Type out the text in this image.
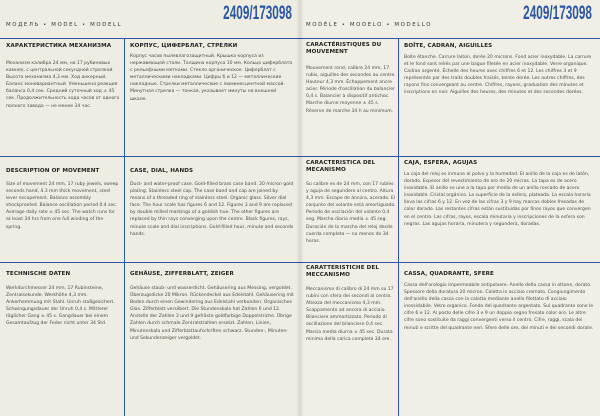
МОДЕЛЬ • MODEL • MODELL
2409/173098
ХАРАКТЕРИСТИКА МЕХАНИЗМА
Механизм калибра 24 мм, на 17 рубиновых камнях, с центральной секундной стрелкой. Высота механизма 4,3 мм. Ход анкерный. Баланс моновариантный. Уменьшена реакция баланса 0,4 сек. Средний суточный ход ± 45 сек. Продолжительность хода часов от одного полного завода — не менее 34 час.
КОРПУС, ЦИФЕРБЛАТ, СТРЕЛКИ
Корпус часов пылевлагозащитный. Крышка корпуса из нержавеющей стали. Толщина корпуса 10 мм. Кольцо циферблата с рельефными метками. Стекло органическое. Циферблат с металлическими накладками. Цифры 6 и 12 — металлические накладные. Стрелки металлические с люминесцентной массой. Минутная стрелка — тонкая, указывает минуты на внешней шкале.
DESCRIPTION OF MOVEMENT
Size of movement 24 mm, 17 ruby jewels, sweep seconds hand, 4.3 mm thick movement, steel lever escapement. Balance assembly shockproofed. Balance oscillation period 0.4 sec. Average daily rate ± 45 sec. The watch runs for at least 34 hrs from one full winding of the spring.
CASE, DIAL, HANDS
Dust- and water-proof case. Gold-filled brass case band. 20 micron gold plating. Stainless steel cap. The case band and cap are joined by means of a threaded ring of stainless steel. Organic glass. Silver dial face. The hour scale has figures 6 and 12. Figures 3 and 9 are replaced by double milled markings of a goldish hue. The other figures are replaced by thin rays converging upon the centre. Black figures, rays, minute scale and dial inscriptions. Gold-filled hour, minute and seconds hands.
TECHNISCHE DATEN
Werkdurchmesser 24 mm, 17 Rubinsteine, Zentralsekunde. Werkhöhe 4,3 mm. Ankerhemmung mit Stahl. Unruh stoßgesichert. Schwingungsdauer der Unruh 0,4 s. Mittlerer täglicher Gang ± 45 s. Gangdauer bei einem Gesamtaufzug der Feder nicht unter 34 Std.
GEHÄUSE, ZIFFERBLATT, ZEIGER
Gehäuse staub- und wasserdicht. Gehäusering aus Messing, vergoldet. Überzugsdicke 20 Mikron. Rückendeckel aus Edelstahl. Gehäusering mit Boden durch einen Gewindering aus Edelstahl verbunden. Organisches Glas. Zifferblatt versilbert. Die Stundenskala hat Zahlen 6 und 12. Anstelle der Zahlen 3 und 9 gefräste goldfarbige Doppelstriche. Übrige Zahlen durch schmale Zentralstrahlen ersetzt. Zahlen, Linien, Minutenskala und Zifferblattaufschriften schwarz. Stunden-, Minuten- und Sekundenzeiger vergoldet.
MODÈLE • MODELO • MODELLO
2409/173098
CARACTÉRISTIQUES DU MOUVEMENT
Mouvement rond, calibre 24 mm, 17 rubis, aiguilles des secondes au centre. Hauteur 4,3 mm. Échappement ancre acier. Période d'oscillation du balancier 0,4 s. Balancier à dispositif antichoc. Marche diurne moyenne ± 45 s. Réserve de marche 34 h au minimum.
BOÎTE, CADRAN, AIGUILLES
Boîte étanche. Carrure laiton, dorée 20 microns. Fond acier inoxydable. La carrure et le fond sont reliés par une bague filetée en acier inoxydable. Verre organique. Cadran argenté. Échelle des heures avec chiffres 6 et 12. Les chiffres 3 et 9 représentés par des traits doubles fraisés, teinte dorée. Les autres chiffres, des rayons fins convergeant au centre. Chiffres, rayons, graduation des minutes et inscriptions en noir. Aiguilles des heures, des minutes et des secondes dorées.
CARACTERISTICA DEL MECANISMO
Su calibre es de 24 mm, con 17 rubíes y aguja de segundero al centro. Altura 4,3 mm. Escape de áncora, acerado. El conjunto del volante está amortiguado. Período de oscilación del volante 0,4 seg. Marcha diaria media ± 45 seg. Duración de la marcha del reloj desde cuerda completa — no menos de 34 horas.
CAJA, ESFERA, AGUJAS
La caja del reloj es inmune al polvo y la humedad. El anillo de la caja es de latón, dorado. Espesor del revestimiento de oro de 20 micras. La tapa es de acero inoxidable. El anillo se une a la tapa por medio de un anillo roscado de acero inoxidable. Cristal orgánico. La superficie de la esfera, plateada. La escala horaria lleva las cifras 6 y 12. En vez de las cifras 3 y 9 hay marcas dobles fresadas de color dorado. Las restantes cifras están sustituidas por finos rayos que convergen en el centro. Las cifras, rayos, escala minutaria y inscripciones de la esfera son negras. Las agujas horaria, minutera y segundera, doradas.
CARATTERISTICHE DEL MECCANISMO
Meccanismo di calibro di 24 mm su 17 rubini con sfera dei secondi al centro. Altezza del meccanismo 4,3 mm. Scappamento ad ancora di acciaio. Bilanciere ammortizzato. Periodo di oscillazione del bilanciere 0,4 sec. Marcia media diurna ± 45 sec. Durata minima della carica completa 34 ore.
CASSA, QUADRANTE, SFERE
Cassa dell'orologio impermeabile antipolvere. Anello della cassa in ottone, dorato. Spessore della doratura 20 micron. Calotta in acciaio cromato. Congiungimento dell'anello della cassa con la calotta mediante anello filettato di acciaio inossidabile. Vetro organico. Fondo del quadrante argentato. Sul quadrante sono le cifre 6 e 12. Al posto delle cifre 3 e 9 un doppio segno fresato color oro. Le altre cifre sono sostituite da raggi convergenti verso il centro. Cifre, raggi, scala dei minuti e scritte del quadrante neri. Sfere delle ore, dei minuti e dei secondi dorate.
